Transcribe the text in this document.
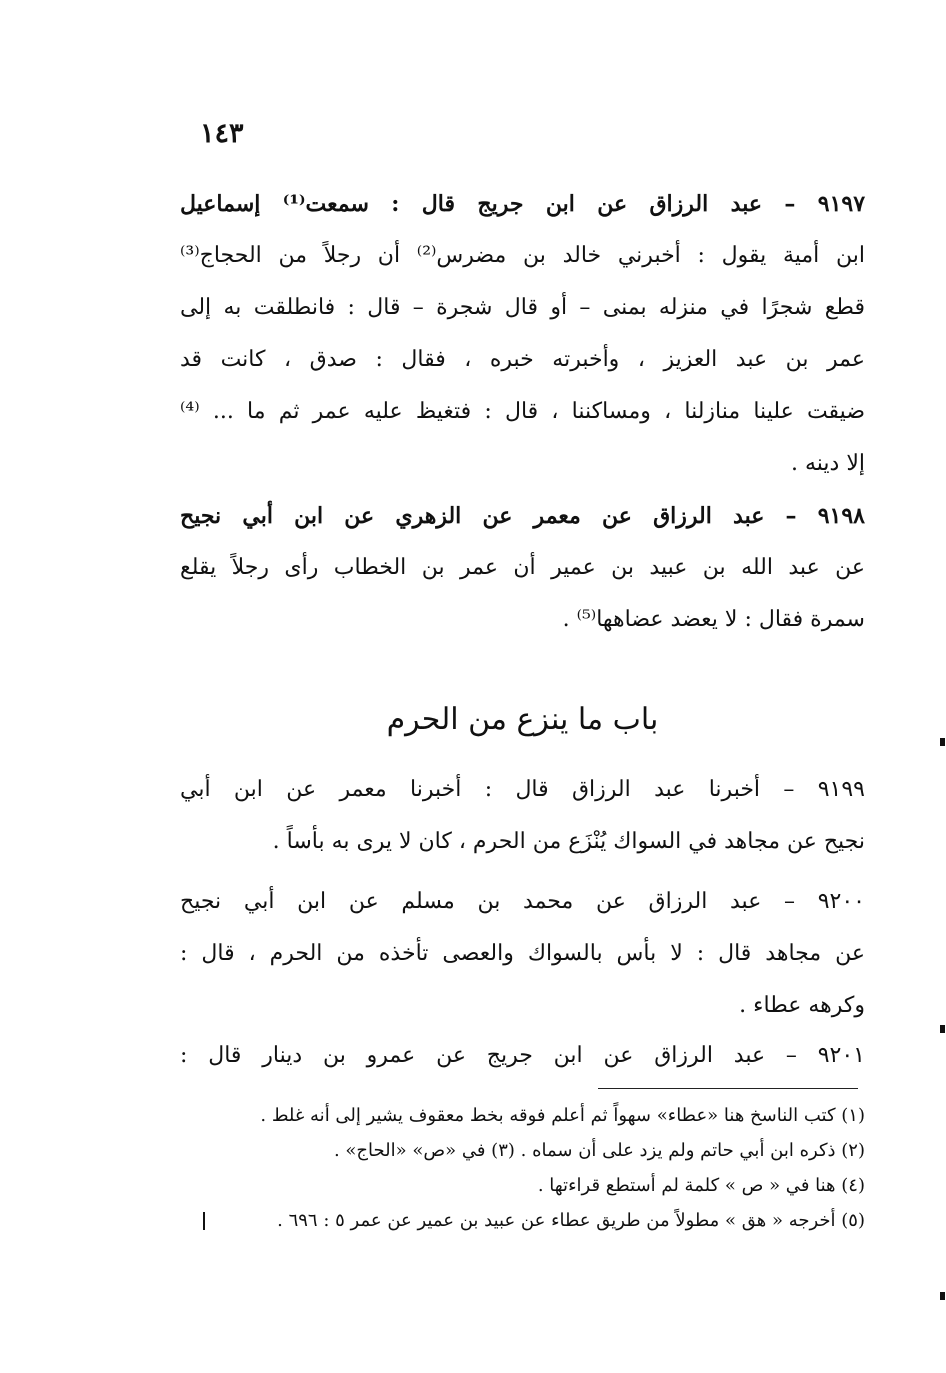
١٤٣
٩١٩٧ – عبد الرزاق عن ابن جريج قال : سمعت⁽¹⁾ إسماعيل
ابن أمية يقول : أخبرني خالد بن مضرس⁽²⁾ أن رجلاً من الحجاج⁽³⁾
قطع شجرًا في منزله بمنى – أو قال شجرة – قال : فانطلقت به إلى
عمر بن عبد العزيز ، وأخبرته خبره ، فقال : صدق ، كانت قد
ضيقت علينا منازلنا ، ومساكننا ، قال : فتغيظ عليه عمر ثم ما ... ⁽⁴⁾
إلا دينه .
٩١٩٨ – عبد الرزاق عن معمر عن الزهري عن ابن أبي نجيح
عن عبد الله بن عبيد بن عمير أن عمر بن الخطاب رأى رجلاً يقلع
سمرة فقال : لا يعضد عضاهها⁽⁵⁾ .
باب ما ينزع من الحرم
٩١٩٩ – أخبرنا عبد الرزاق قال : أخبرنا معمر عن ابن أبي
نجيح عن مجاهد في السواك يُنْزَع من الحرم ، كان لا يرى به بأساً .
٩٢٠٠ – عبد الرزاق عن محمد بن مسلم عن ابن أبي نجيح
عن مجاهد قال : لا بأس بالسواك والعصى تأخذه من الحرم ، قال :
وكرهه عطاء .
٩٢٠١ – عبد الرزاق عن ابن جريج عن عمرو بن دينار قال :
(١) كتب الناسخ هنا «عطاء» سهواً ثم أعلم فوقه بخط معقوف يشير إلى أنه غلط .
(٢) ذكره ابن أبي حاتم ولم يزد على أن سماه . (٣) في «ص» «الحاج» .
(٤) هنا في « ص » كلمة لم أستطع قراءتها .
(٥) أخرجه « هق » مطولاً من طريق عطاء عن عبيد بن عمير عن عمر ٥ : ٦٩٦ .
